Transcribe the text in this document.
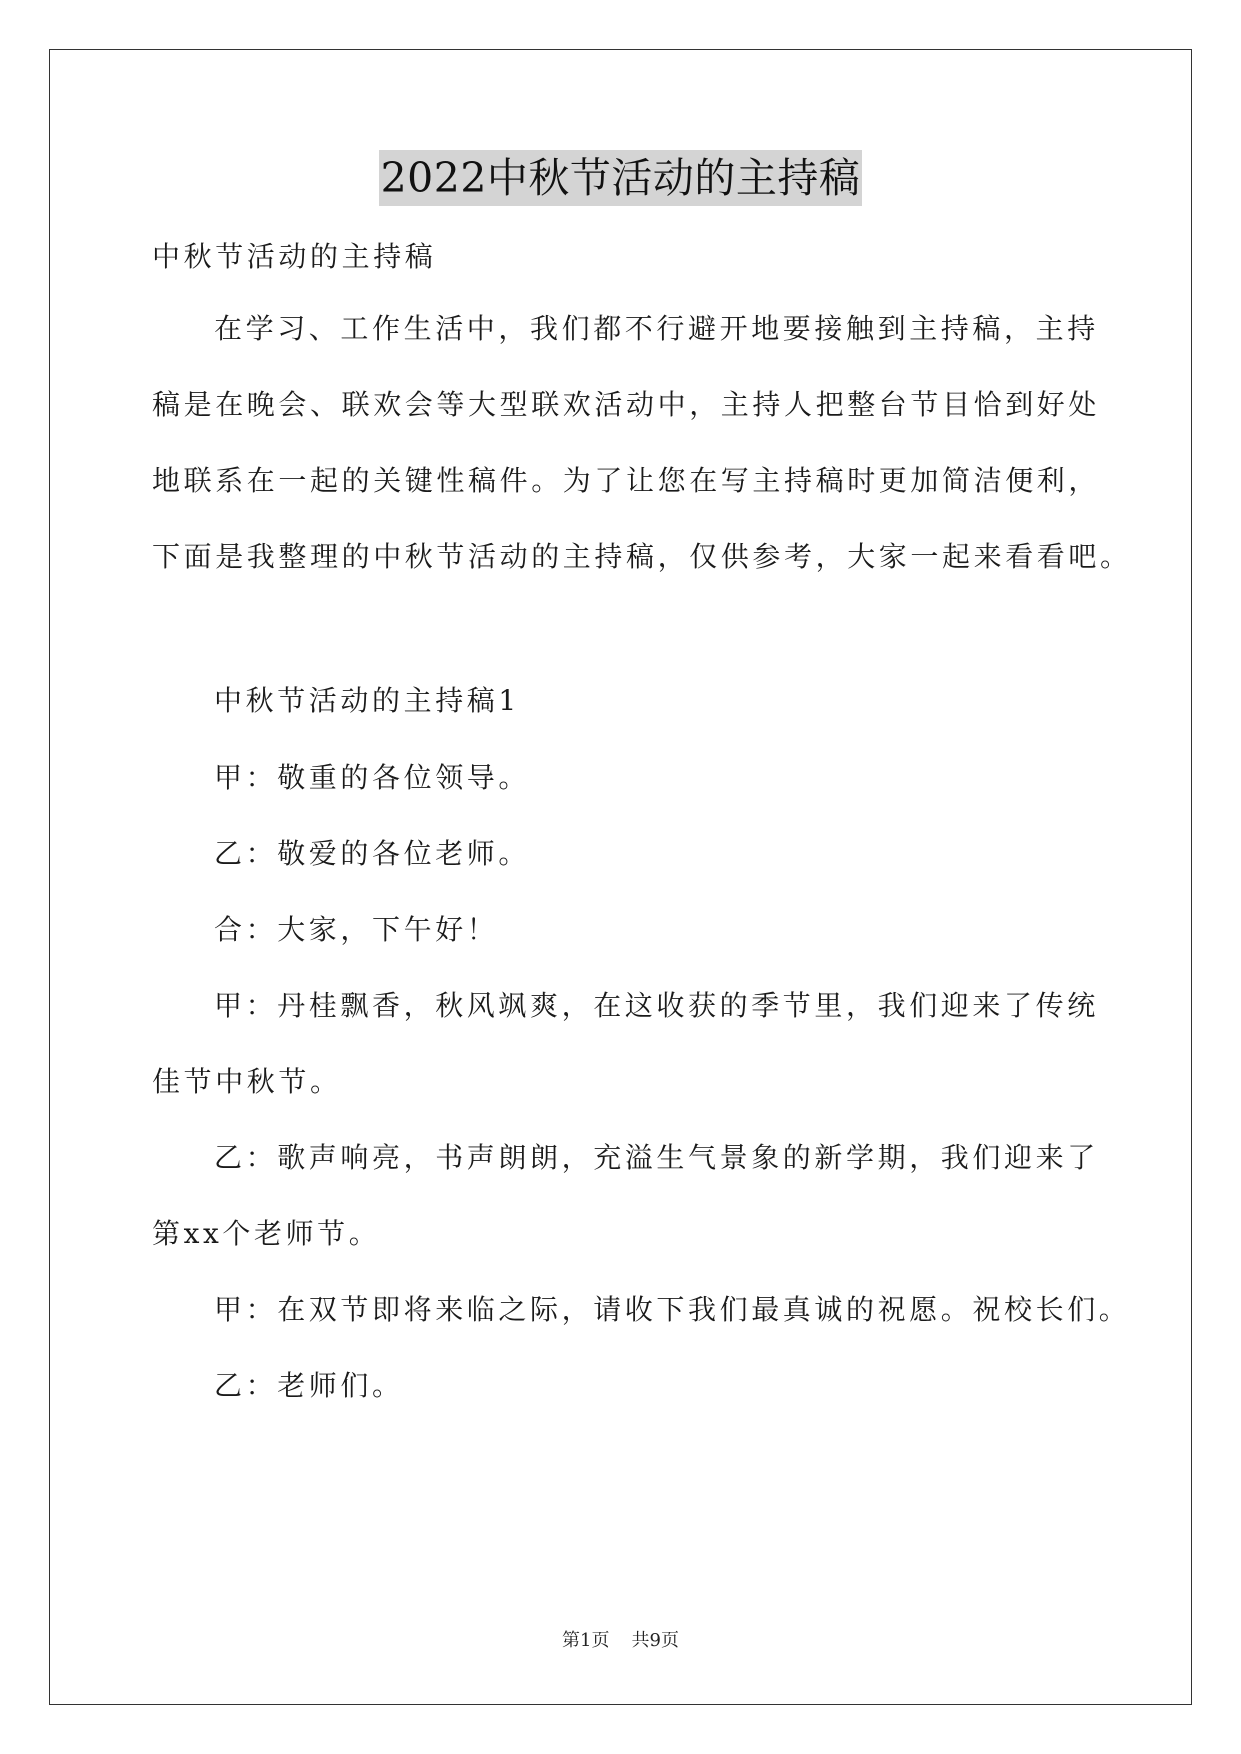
2022中秋节活动的主持稿
中秋节活动的主持稿
在学习、工作生活中，我们都不行避开地要接触到主持稿，主持
稿是在晚会、联欢会等大型联欢活动中，主持人把整台节目恰到好处
地联系在一起的关键性稿件。为了让您在写主持稿时更加简洁便利，
下面是我整理的中秋节活动的主持稿，仅供参考，大家一起来看看吧。
中秋节活动的主持稿1
甲：敬重的各位领导。
乙：敬爱的各位老师。
合：大家，下午好！
甲：丹桂飘香，秋风飒爽，在这收获的季节里，我们迎来了传统
佳节中秋节。
乙：歌声响亮，书声朗朗，充溢生气景象的新学期，我们迎来了
第xx个老师节。
甲：在双节即将来临之际，请收下我们最真诚的祝愿。祝校长们。
乙：老师们。
第1页 共9页
